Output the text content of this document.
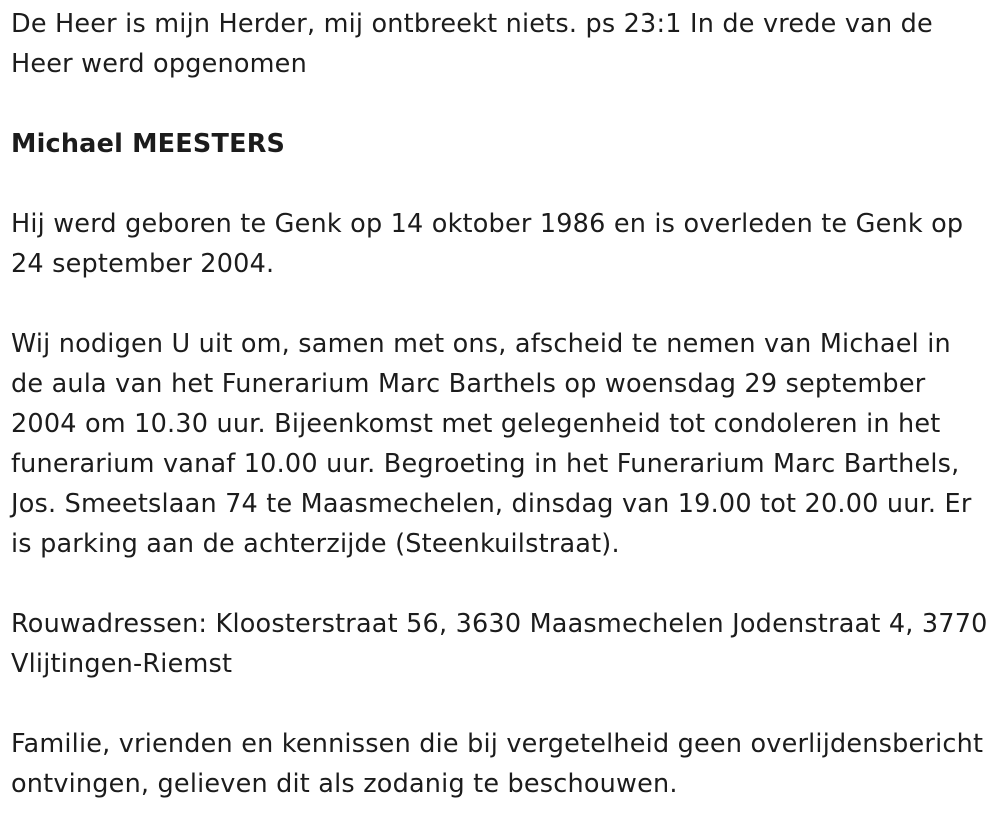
De Heer is mijn Herder, mij ontbreekt niets. ps 23:1 In de vrede van de Heer werd opgenomen

Michael MEESTERS

Hij werd geboren te Genk op 14 oktober 1986 en is overleden te Genk op 24 september 2004.

Wij nodigen U uit om, samen met ons, afscheid te nemen van Michael in de aula van het Funerarium Marc Barthels op woensdag 29 september 2004 om 10.30 uur. Bijeenkomst met gelegenheid tot condoleren in het funerarium vanaf 10.00 uur. Begroeting in het Funerarium Marc Barthels, Jos. Smeetslaan 74 te Maasmechelen, dinsdag van 19.00 tot 20.00 uur. Er is parking aan de achterzijde (Steenkuilstraat).

Rouwadressen: Kloosterstraat 56, 3630 Maasmechelen Jodenstraat 4, 3770 Vlijtingen-Riemst

Familie, vrienden en kennissen die bij vergetelheid geen overlijdensbericht ontvingen, gelieven dit als zodanig te beschouwen.
